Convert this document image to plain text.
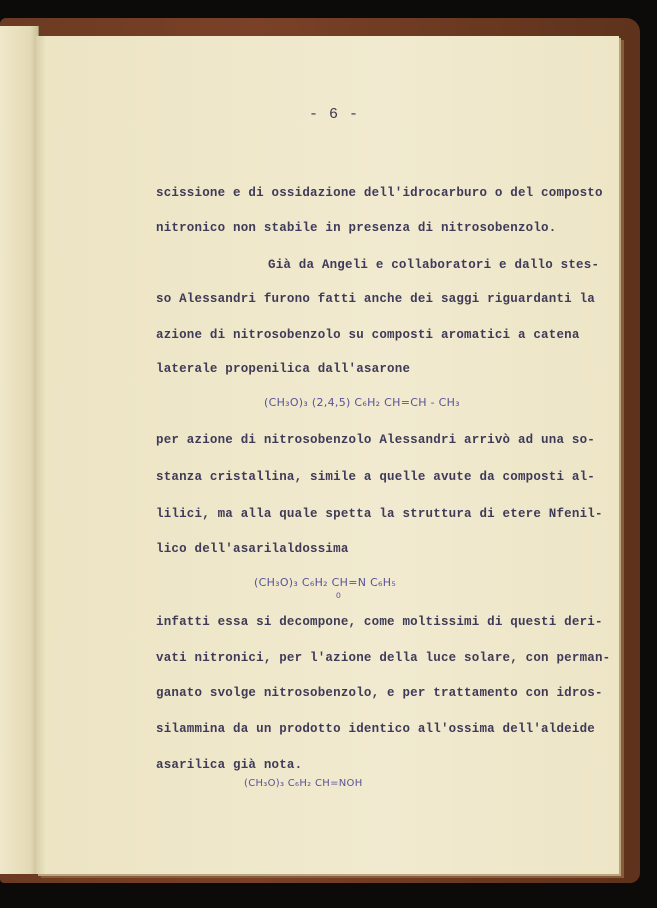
- 6 -
scissione e di ossidazione dell'idrocarburo o del composto
nitronico non stabile in presenza di nitrosobenzolo.
Già da Angeli e collaboratori e dallo stes-
so Alessandri furono fatti anche dei saggi riguardanti la
azione di nitrosobenzolo su composti aromatici a catena
laterale propenilica dall'asarone
(CH₃O)₃ (2,4,5) C₆H₂ CH=CH - CH₃
per azione di nitrosobenzolo Alessandri arrivò ad una so-
stanza cristallina, simile a quelle avute da composti al-
lilici, ma alla quale spetta la struttura di etere Nfenil-
lico dell'asarilaldossima
(CH₃O)₃ C₆H₂ CH=N C₆H₅
O
infatti essa si decompone, come moltissimi di questi deri-
vati nitronici, per l'azione della luce solare, con perman-
ganato svolge nitrosobenzolo, e per trattamento con idros-
silammina da un prodotto identico all'ossima dell'aldeide
asarilica già nota.
(CH₃O)₃ C₆H₂ CH=NOH
